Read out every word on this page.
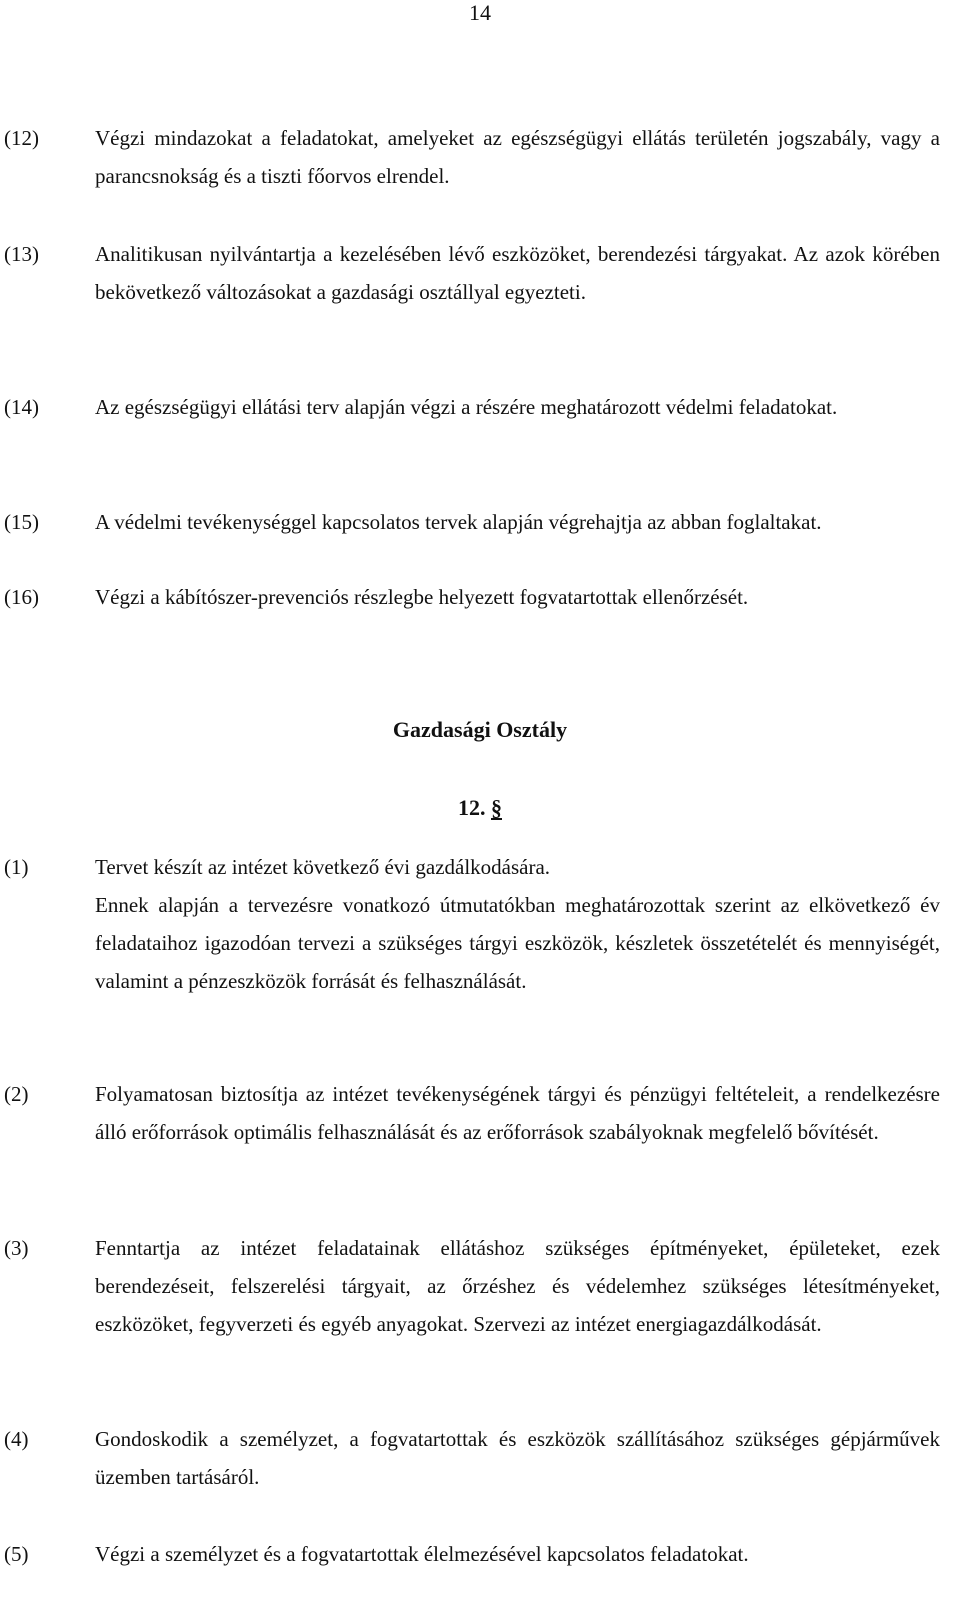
14
(12)	Végzi mindazokat a feladatokat, amelyeket az egészségügyi ellátás területén jogszabály, vagy a parancsnokság és a tiszti főorvos elrendel.

(13)	Analitikusan nyilvántartja a kezelésében lévő eszközöket, berendezési tárgyakat. Az azok körében bekövetkező változásokat a gazdasági osztállyal egyezteti.

(14)	Az egészségügyi ellátási terv alapján végzi a részére meghatározott védelmi feladatokat.

(15)	A védelmi tevékenységgel kapcsolatos tervek alapján végrehajtja az abban foglaltakat.

(16)	Végzi a kábítószer-prevenciós részlegbe helyezett fogvatartottak ellenőrzését.

Gazdasági Osztály
12. §
(1)	Tervet készít az intézet következő évi gazdálkodására.

Ennek alapján a tervezésre vonatkozó útmutatókban meghatározottak szerint az elkövetkező év feladataihoz igazodóan tervezi a szükséges tárgyi eszközök, készletek összetételét és mennyiségét, valamint a pénzeszközök forrását és felhasználását.

(2)	Folyamatosan biztosítja az intézet tevékenységének tárgyi és pénzügyi feltételeit, a rendelkezésre álló erőforrások optimális felhasználását és az erőforrások szabályoknak megfelelő bővítését.

(3)	Fenntartja az intézet feladatainak ellátáshoz szükséges építményeket, épületeket, ezek berendezéseit, felszerelési tárgyait, az őrzéshez és védelemhez szükséges létesítményeket, eszközöket, fegyverzeti és egyéb anyagokat. Szervezi az intézet energiagazdálkodását.

(4)	Gondoskodik a személyzet, a fogvatartottak és eszközök szállításához szükséges gépjárművek üzemben tartásáról.

(5)	Végzi a személyzet és a fogvatartottak élelmezésével kapcsolatos feladatokat.
